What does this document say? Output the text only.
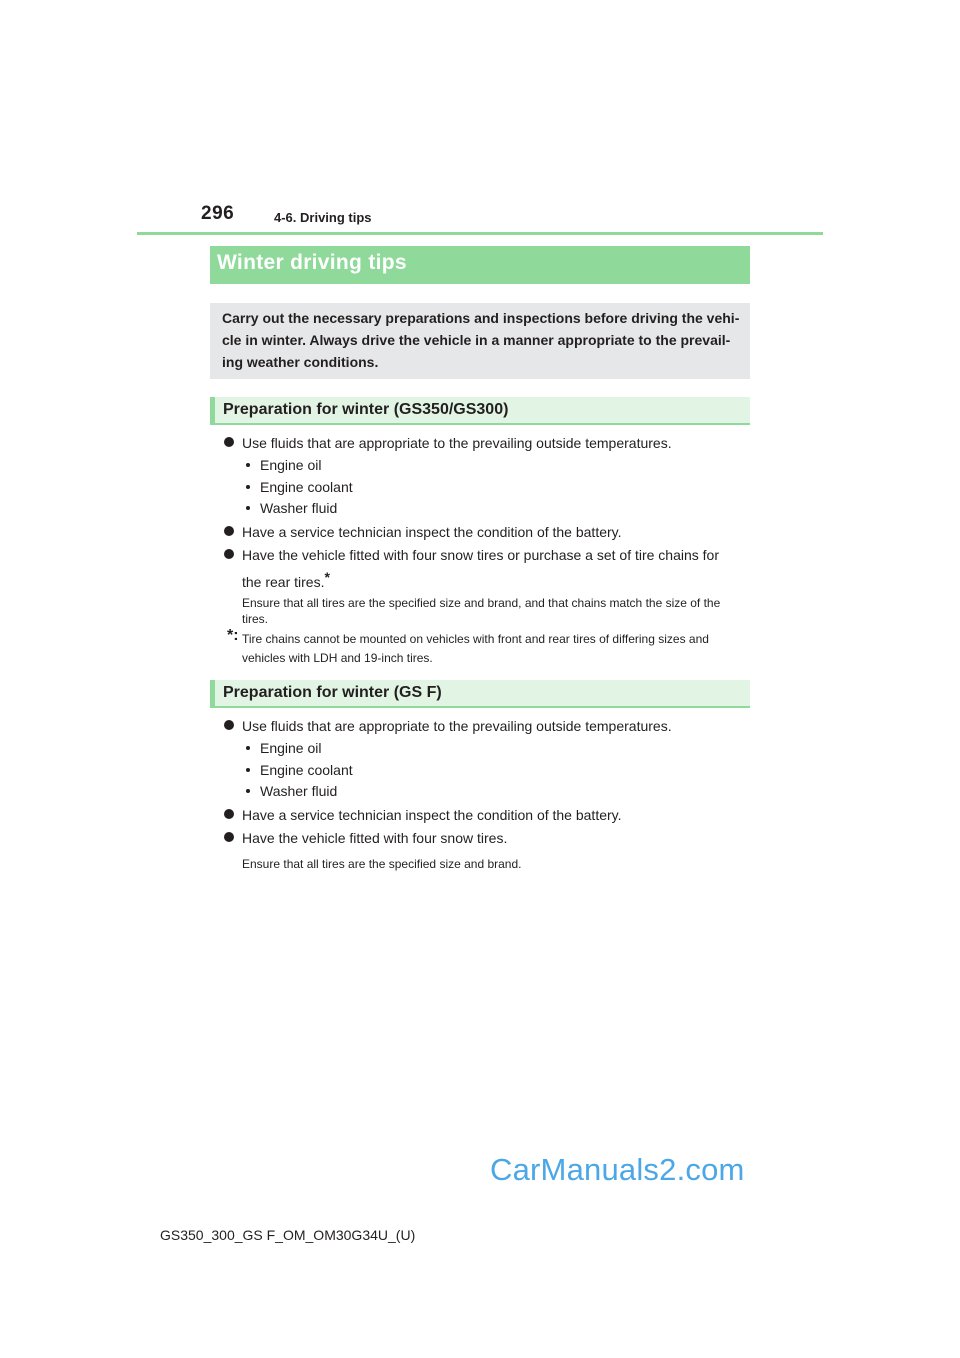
296	4-6. Driving tips
Winter driving tips

Carry out the necessary preparations and inspections before driving the vehi-cle in winter. Always drive the vehicle in a manner appropriate to the prevail-ing weather conditions.

Preparation for winter (GS350/GS300)
Use fluids that are appropriate to the prevailing outside temperatures.
Engine oil
Engine coolant
Washer fluid
Have a service technician inspect the condition of the battery.
Have the vehicle fitted with four snow tires or purchase a set of tire chains for
the rear tires.*
Ensure that all tires are the specified size and brand, and that chains match the size of the tires.
*: Tire chains cannot be mounted on vehicles with front and rear tires of differing sizes and vehicles with LDH and 19-inch tires.
Preparation for winter (GS F)
Use fluids that are appropriate to the prevailing outside temperatures.
Engine oil
Engine coolant
Washer fluid
Have a service technician inspect the condition of the battery.
Have the vehicle fitted with four snow tires.
Ensure that all tires are the specified size and brand.
CarManuals2.com
GS350_300_GS F_OM_OM30G34U_(U)
